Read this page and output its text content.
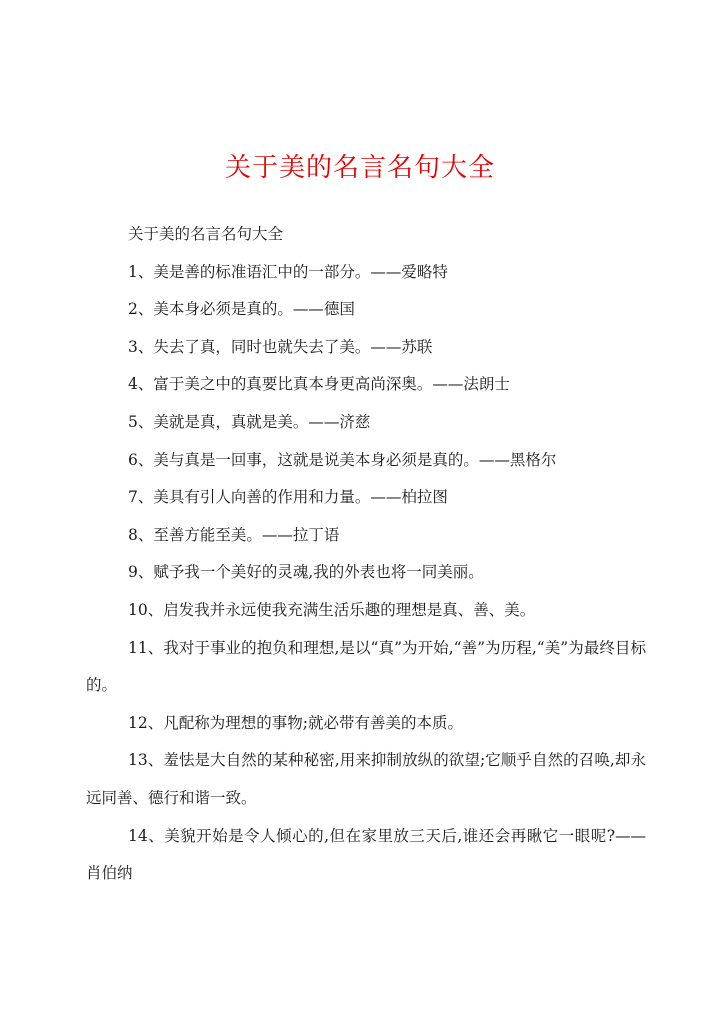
关于美的名言名句大全

关于美的名言名句大全

1、美是善的标准语汇中的一部分。——爱略特

2、美本身必须是真的。——德国

3、失去了真，同时也就失去了美。——苏联

4、富于美之中的真要比真本身更高尚深奥。——法朗士

5、美就是真，真就是美。——济慈

6、美与真是一回事，这就是说美本身必须是真的。——黑格尔

7、美具有引人向善的作用和力量。——柏拉图

8、至善方能至美。——拉丁语

9、赋予我一个美好的灵魂,我的外表也将一同美丽。

10、启发我并永远使我充满生活乐趣的理想是真、善、美。

11、我对于事业的抱负和理想,是以“真”为开始,“善”为历程,“美”为最终目标的。

12、凡配称为理想的事物;就必带有善美的本质。

13、羞怯是大自然的某种秘密,用来抑制放纵的欲望;它顺乎自然的召唤,却永远同善、德行和谐一致。

14、美貌开始是令人倾心的,但在家里放三天后,谁还会再瞅它一眼呢?——肖伯纳
